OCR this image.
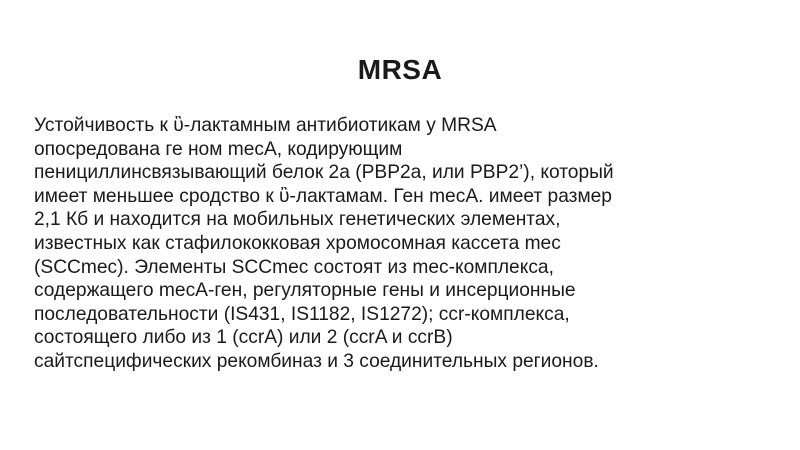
MRSA
Устойчивость к ὒ-лактамным антибиотикам у MRSA
опосредована ге ном mecA, кодирующим
пенициллинсвязывающий белок 2а (PBP2a, или PBP2’), который
имеет меньшее сродство к ὒ-лактамам. Ген mecA. имеет размер
2,1 Кб и находится на мобильных генетических элементах,
известных как стафилококковая хромосомная кассета mec
(SCCmec). Элементы SCCmec состоят из mec-комплекса,
содержащего mecA-ген, регуляторные гены и инсерционные
последовательности (IS431, IS1182, IS1272); ccr-комплекса,
состоящего либо из 1 (ccrA) или 2 (ccrA и ccrB)
сайтспецифических рекомбиназ и 3 соединительных регионов.
